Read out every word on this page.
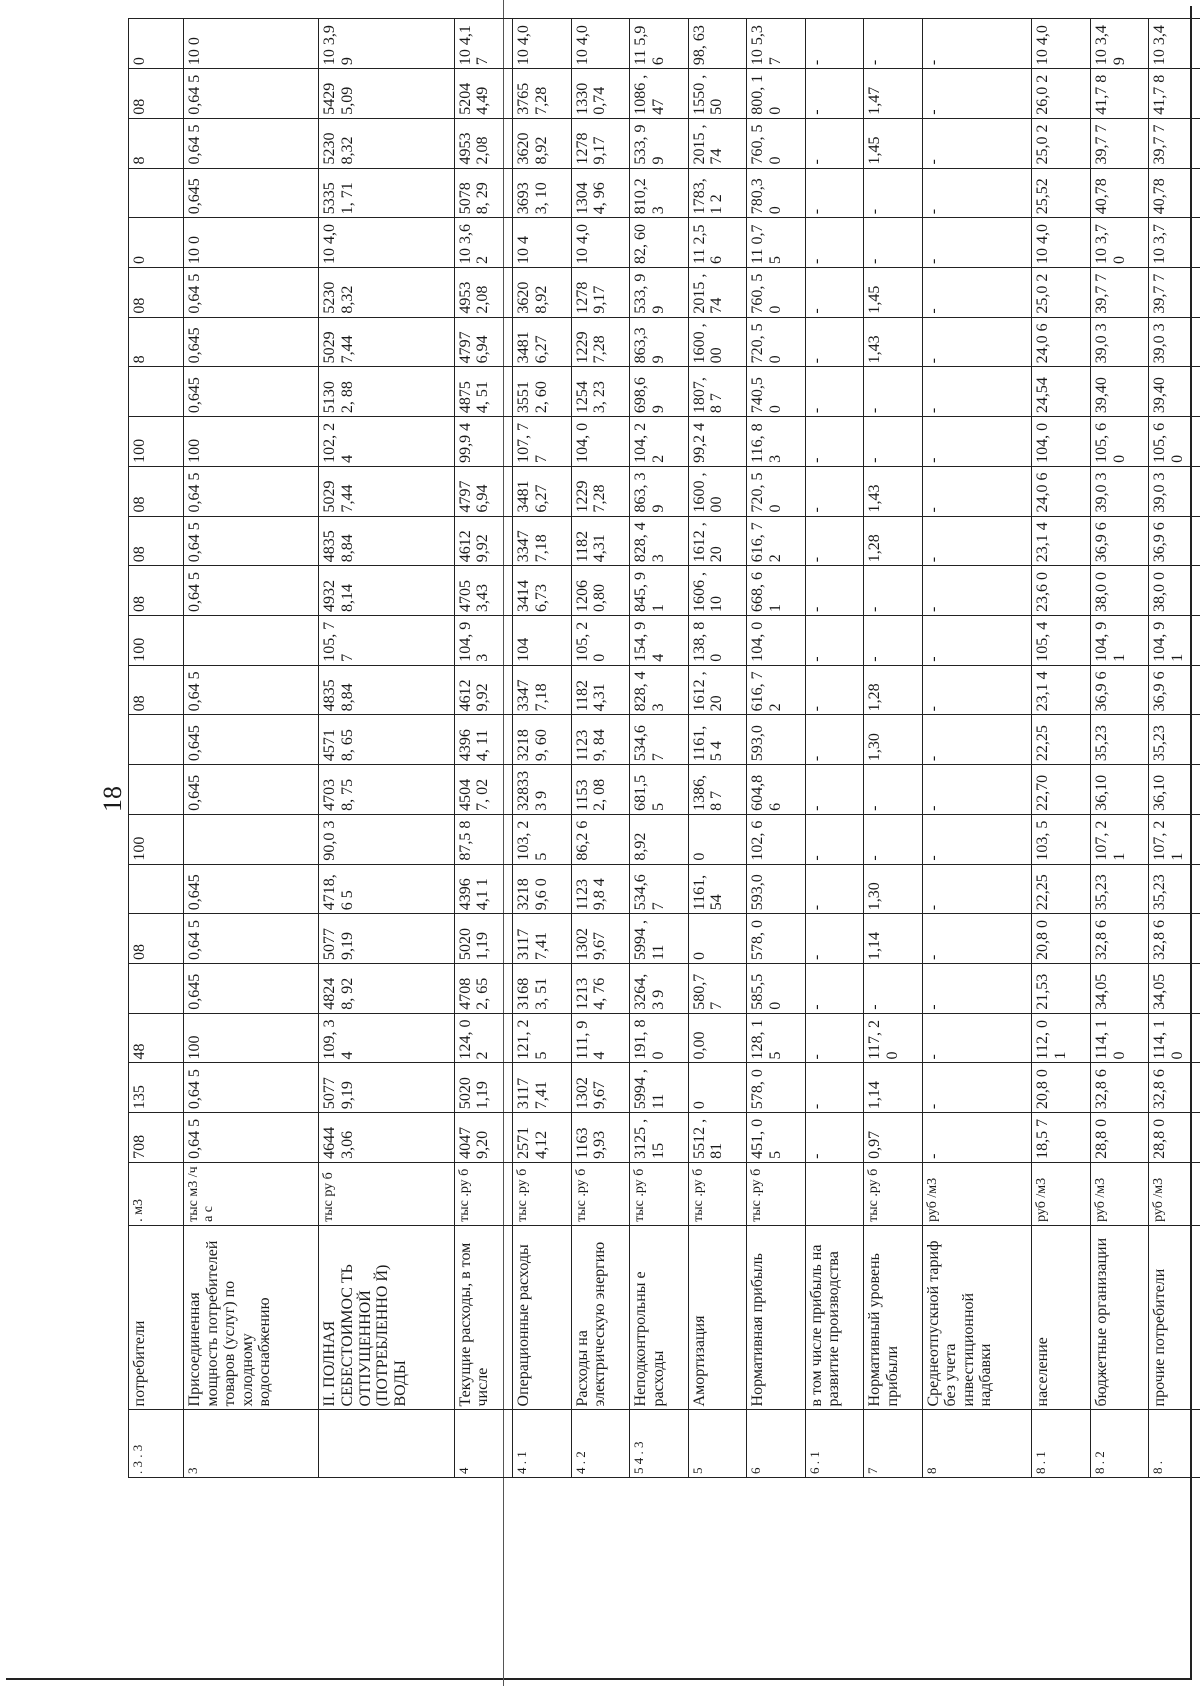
18
. 3 . 3	потребители	. м3	708	135	48		08		100			08	100	08	08	08	100		8	08	0		8	08	0
3	Присоединенная мощность потребителей товаров (услуг) по холодному водоснабжению	тыс м3 /ча с	0,64 5	0,64 5	100	0,645	0,64 5	0,645		0,645	0,645	0,64 5		0,64 5	0,64 5	0,64 5	100	0,645	0,645	0,64 5	10 0	0,645	0,64 5	0,64 5	10 0
	II. ПОЛНАЯ СЕБЕСТОИМОС ТЬ ОТПУЩЕННОЙ (ПОТРЕБЛЕННО Й) ВОДЫ	тыс ру б	4644 3,06	5077 9,19	109, 34	48248, 92	5077 9,19	4718,6 5	90,0 3	47038, 75	45718, 65	4835 8,84	105, 77	4932 8,14	4835 8,84	5029 7,44	102, 24	51302, 88	5029 7,44	5230 8,32	10 4,0	53351, 71	5230 8,32	5429 5,09	10 3,9 9
4	Текущие расходы, в том числе	тыс .ру б	4047 9,20	5020 1,19	124, 02	47082, 65	5020 1,19	43964,1 1	87,5 8	45047, 02	43964, 11	4612 9,92	104, 93	4705 3,43	4612 9,92	4797 6,94	99,9 4	48754, 51	4797 6,94	4953 2,08	10 3,6 2	50788, 29	4953 2,08	5204 4,49	10 4,1 7
4 . 1	Операционные расходы	тыс .ру б	2571 4,12	3117 7,41	121, 25	31683, 51	3117 7,41	32189,6 0	103, 25	328333 9	32189, 60	3347 7,18	104	3414 6,73	3347 7,18	3481 6,27	107, 77	35512, 60	3481 6,27	3620 8,92	10 4	36933, 10	3620 8,92	3765 7,28	10 4,0
4 . 2	Расходы на электрическую энергию	тыс .ру б	1163 9,93	1302 9,67	111, 94	12134, 76	1302 9,67	11239,8 4	86,2 6	11532, 08	11239, 84	1182 4,31	105, 20	1206 0,80	1182 4,31	1229 7,28	104, 0	12543, 23	1229 7,28	1278 9,17	10 4,0	13044, 96	1278 9,17	1330 0,74	10 4,0
5 4 . 3	Неподконтрольны е расходы	тыс .ру б	3125 ,15	5994 ,11	191, 80	3264,3 9	5994 ,11	534,67	8,92	681,55	534,67	828, 43	154, 94	845, 91	828, 43	863, 39	104, 22	698,69	863,3 9	533, 99	82, 60	810,23	533, 99	1086 ,47	11 5,9 6
5	Амортизация	тыс .ру б	5512 ,81	0	0,00	580,77	0	1161,54	0	1386,8 7	1161,5 4	1612 ,20	138, 80	1606 ,10	1612 ,20	1600 ,00	99,2 4	1807,8 7	1600 ,00	2015 ,74	11 2,5 6	1783,1 2	2015 ,74	1550 ,50	98, 63
6	Нормативная прибыль	тыс .ру б	451, 05	578, 0	128, 15	585,50	578, 0	593,0	102, 6	604,86	593,0	616, 72	104, 0	668, 61	616, 72	720, 50	116, 83	740,50	720, 50	760, 50	11 0,7 5	780,30	760, 50	800, 10	10 5,3 7
6 . 1	в том числе прибыль на развитие производства		-	-	-	-	-	-	-	-	-	-	-	-	-	-	-	-	-	-	-	-	-	-	-
7	Нормативный уровень прибыли	тыс .ру б	0,97	1,14	117, 20	-	1,14	1,30	-	-	1,30	1,28	-	-	1,28	1,43	-	-	1,43	1,45	-	-	1,45	1,47	-
8	Среднеотпускной тариф без учета инвестиционной надбавки	руб /м3	-	-	-	-	-	-	-	-	-	-	-	-	-	-	-	-	-	-	-	-	-	-	-
8 . 1	население	руб /м3	18,5 7	20,8 0	112, 01	21,53	20,8 0	22,25	103, 5	22,70	22,25	23,1 4	105, 4	23,6 0	23,1 4	24,0 6	104, 0	24,54	24,0 6	25,0 2	10 4,0	25,52	25,0 2	26,0 2	10 4,0
8 . 2	бюджетные организации	руб /м3	28,8 0	32,8 6	114, 10	34,05	32,8 6	35,23	107, 21	36,10	35,23	36,9 6	104, 91	38,0 0	36,9 6	39,0 3	105, 60	39,40	39,0 3	39,7 7	10 3,7 0	40,78	39,7 7	41,7 8	10 3,4 9
8 .	прочие потребители	руб /м3	28,8 0	32,8 6	114, 10	34,05	32,8 6	35,23	107, 21	36,10	35,23	36,9 6	104, 91	38,0 0	36,9 6	39,0 3	105, 60	39,40	39,0 3	39,7 7	10 3,7	40,78	39,7 7	41,7 8	10 3,4
